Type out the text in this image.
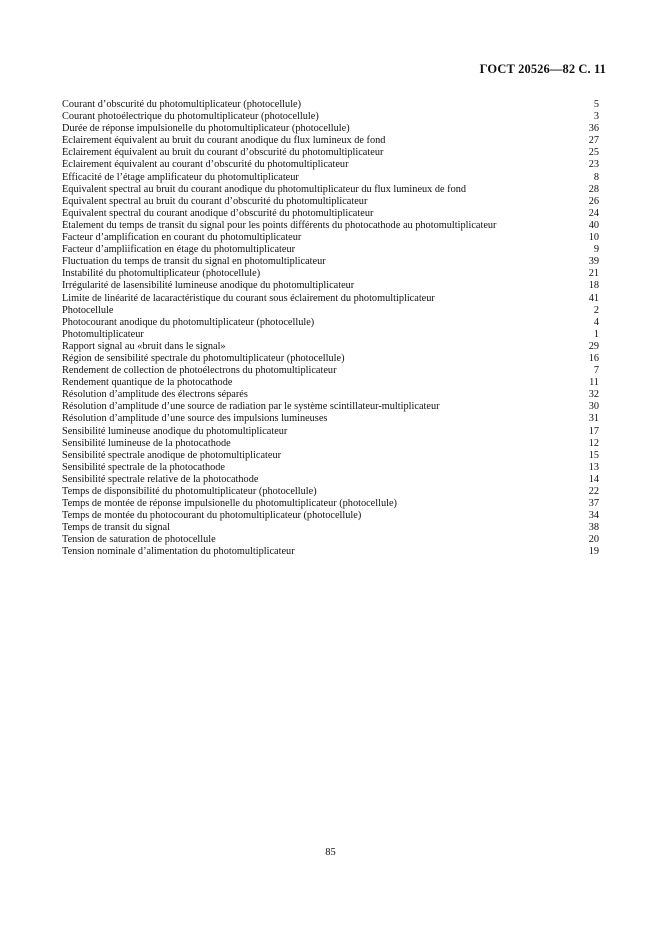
ГОСТ 20526—82 С. 11
Courant d’obscurité du photomultiplicateur (photocellule)	5
Courant photoélectrique du photomultiplicateur (photocellule)	3
Durée de réponse impulsionelle du photomultiplicateur (photocellule)	36
Éclairement équivalent au bruit du courant anodique du flux lumineux de fond	27
Éclairement équivalent au bruit du courant d’obscurité du photomultiplicateur	25
Éclairement équivalent au courant d’obscurité du photomultiplicateur	23
Efficacité de l’étage amplificateur du photomultiplicateur	8
Équivalent spectral au bruit du courant anodique du photomultiplicateur du flux lumineux de fond	28
Équivalent spectral au bruit du courant d’obscurité du photomultiplicateur	26
Équivalent spectral du courant anodique d’obscurité du photomultiplicateur	24
Étalement du temps de transit du signal pour les points différents du photocathode au photomultiplicateur	40
Facteur d’amplification en courant du photomultiplicateur	10
Facteur d’ampliification en étage du photomultiplicateur	9
Fluctuation du temps de transit du signal en photomultiplicateur	39
Instabilité du photomultiplicateur (photocellule)	21
Irrégularité de lasensibilité lumineuse anodique du photomultiplicateur	18
Limite de linéarité de lacaractéristique du courant sous éclairement du photomultiplicateur	41
Photocellule	2
Photocourant anodique du photomultiplicateur (photocellule)	4
Photomultiplicateur	1
Rapport signal au «bruit dans le signal»	29
Région de sensibilité spectrale du photomultiplicateur (photocellule)	16
Rendement de collection de photoélectrons du photomultiplicateur	7
Rendement quantique de la photocathode	11
Résolution d’amplitude des électrons séparés	32
Résolution d’amplitude d’une source de radiation par le système scintillateur-multiplicateur	30
Résolution d’amplitude d’une source des impulsions lumineuses	31
Sensibilité lumineuse anodique du photomultiplicateur	17
Sensibilité lumineuse de la photocathode	12
Sensibilité spectrale anodique de photomultiplicateur	15
Sensibilité spectrale de la photocathode	13
Sensibilité spectrale relative de la photocathode	14
Temps de disponsibilité du photomultiplicateur (photocellule)	22
Temps de montée de réponse impulsionelle du photomultiplicateur (photocellule)	37
Temps de montée du photocourant du photomultiplicateur (photocellule)	34
Temps de transit du signal	38
Tension de saturation de photocellule	20
Tension nominale d’alimentation du photomultiplicateur	19
85
